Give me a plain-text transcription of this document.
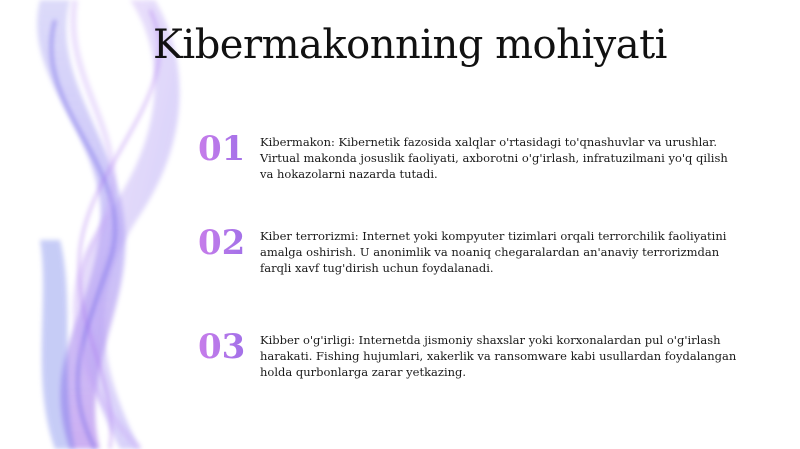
Kibermakonning mohiyati
01	Kibermakon: Kibernetik fazosida xalqlar o'rtasidagi to'qnashuvlar va urushlar. Virtual makonda josuslik faoliyati, axborotni o'g'irlash, infratuzilmani yo'q qilish va hokazolarni nazarda tutadi.
02	Kiber terrorizmi: Internet yoki kompyuter tizimlari orqali terrorchilik faoliyatini amalga oshirish. U anonimlik va noaniq chegaralardan an'anaviy terrorizmdan farqli xavf tug'dirish uchun foydalanadi.
03	Kibber o'g'irligi: Internetda jismoniy shaxslar yoki korxonalardan pul o'g'irlash harakati. Fishing hujumlari, xakerlik va ransomware kabi usullardan foydalangan holda qurbonlarga zarar yetkazing.
